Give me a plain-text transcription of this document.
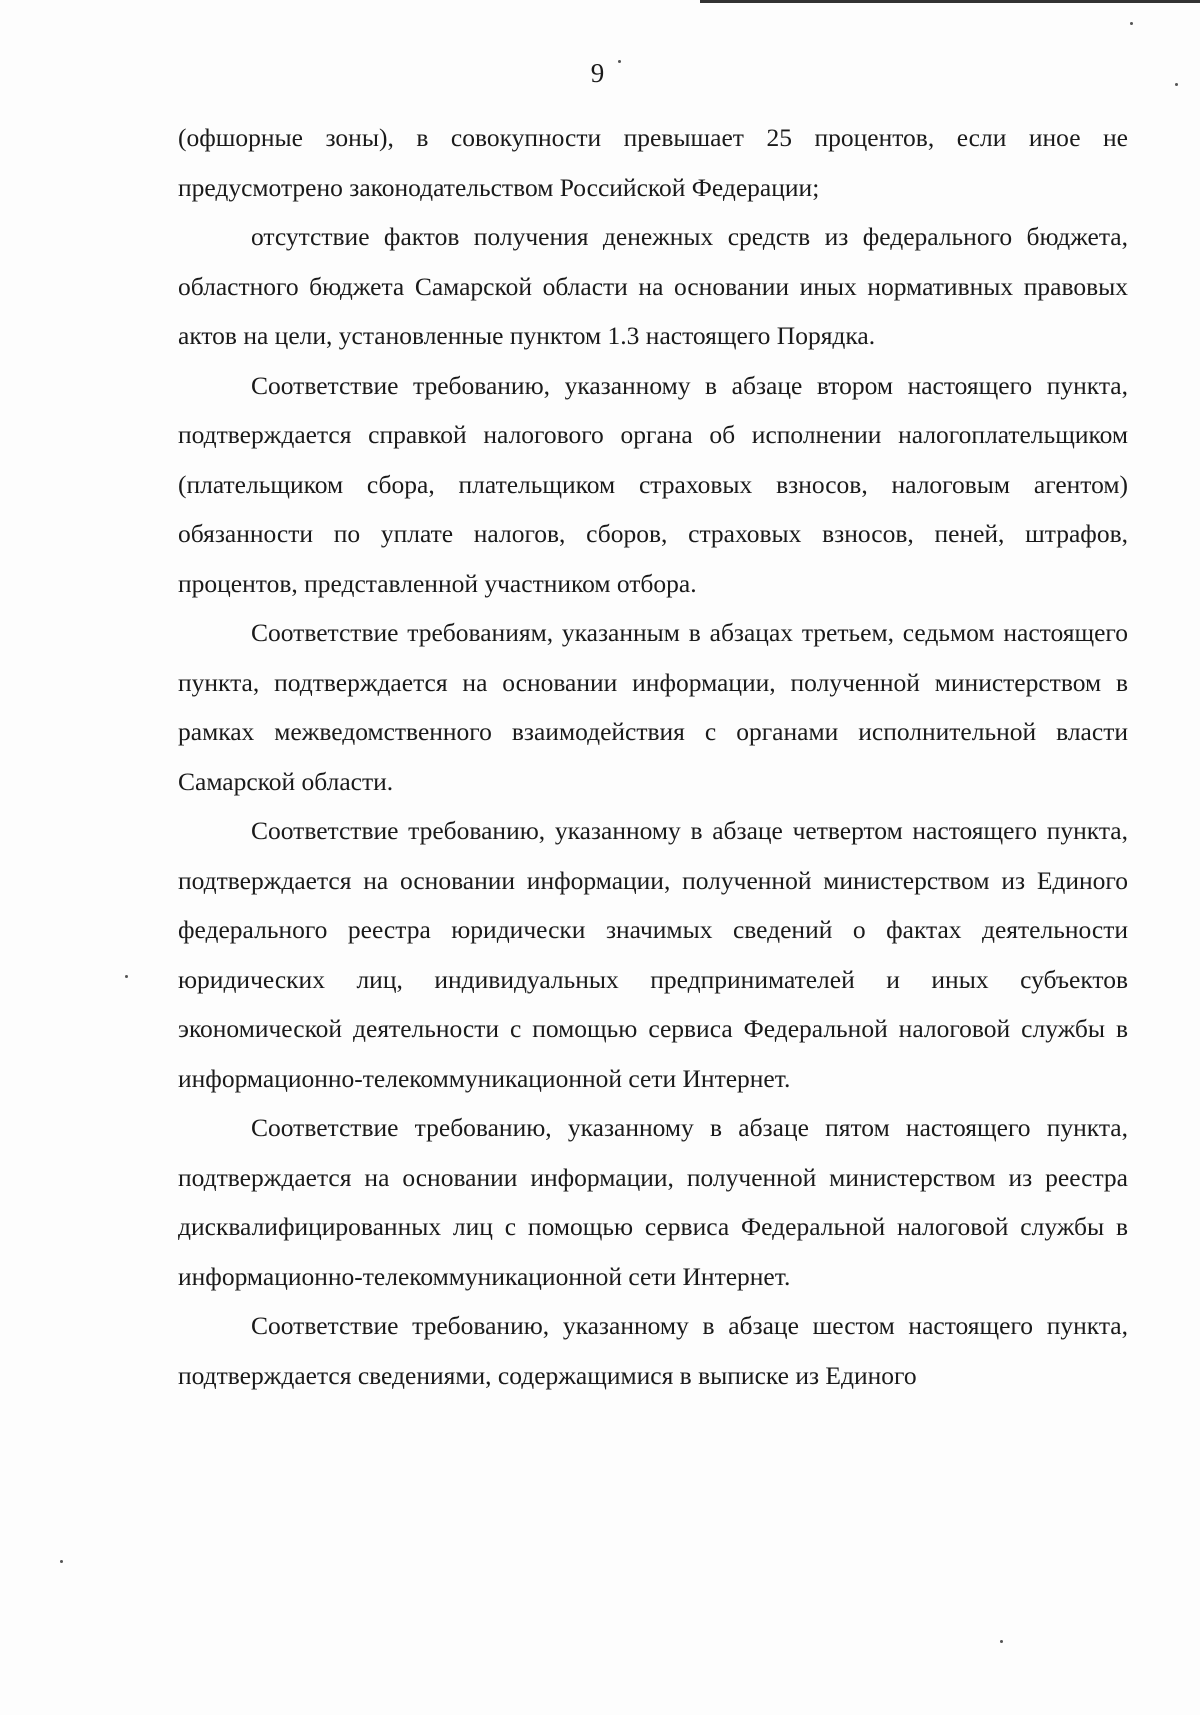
9

(офшорные зоны), в совокупности превышает 25 процентов, если иное не предусмотрено законодательством Российской Федерации;

отсутствие фактов получения денежных средств из федерального бюджета, областного бюджета Самарской области на основании иных нормативных правовых актов на цели, установленные пунктом 1.3 настоящего Порядка.

Соответствие требованию, указанному в абзаце втором настоящего пункта, подтверждается справкой налогового органа об исполнении налогоплательщиком (плательщиком сбора, плательщиком страховых взносов, налоговым агентом) обязанности по уплате налогов, сборов, страховых взносов, пеней, штрафов, процентов, представленной участником отбора.

Соответствие требованиям, указанным в абзацах третьем, седьмом настоящего пункта, подтверждается на основании информации, полученной министерством в рамках межведомственного взаимодействия с органами исполнительной власти Самарской области.

Соответствие требованию, указанному в абзаце четвертом настоящего пункта, подтверждается на основании информации, полученной министерством из Единого федерального реестра юридически значимых сведений о фактах деятельности юридических лиц, индивидуальных предпринимателей и иных субъектов экономической деятельности с помощью сервиса Федеральной налоговой службы в информационно-телекоммуникационной сети Интернет.

Соответствие требованию, указанному в абзаце пятом настоящего пункта, подтверждается на основании информации, полученной министерством из реестра дисквалифицированных лиц с помощью сервиса Федеральной налоговой службы в информационно-телекоммуникационной сети Интернет.

Соответствие требованию, указанному в абзаце шестом настоящего пункта, подтверждается сведениями, содержащимися в выписке из Единого
